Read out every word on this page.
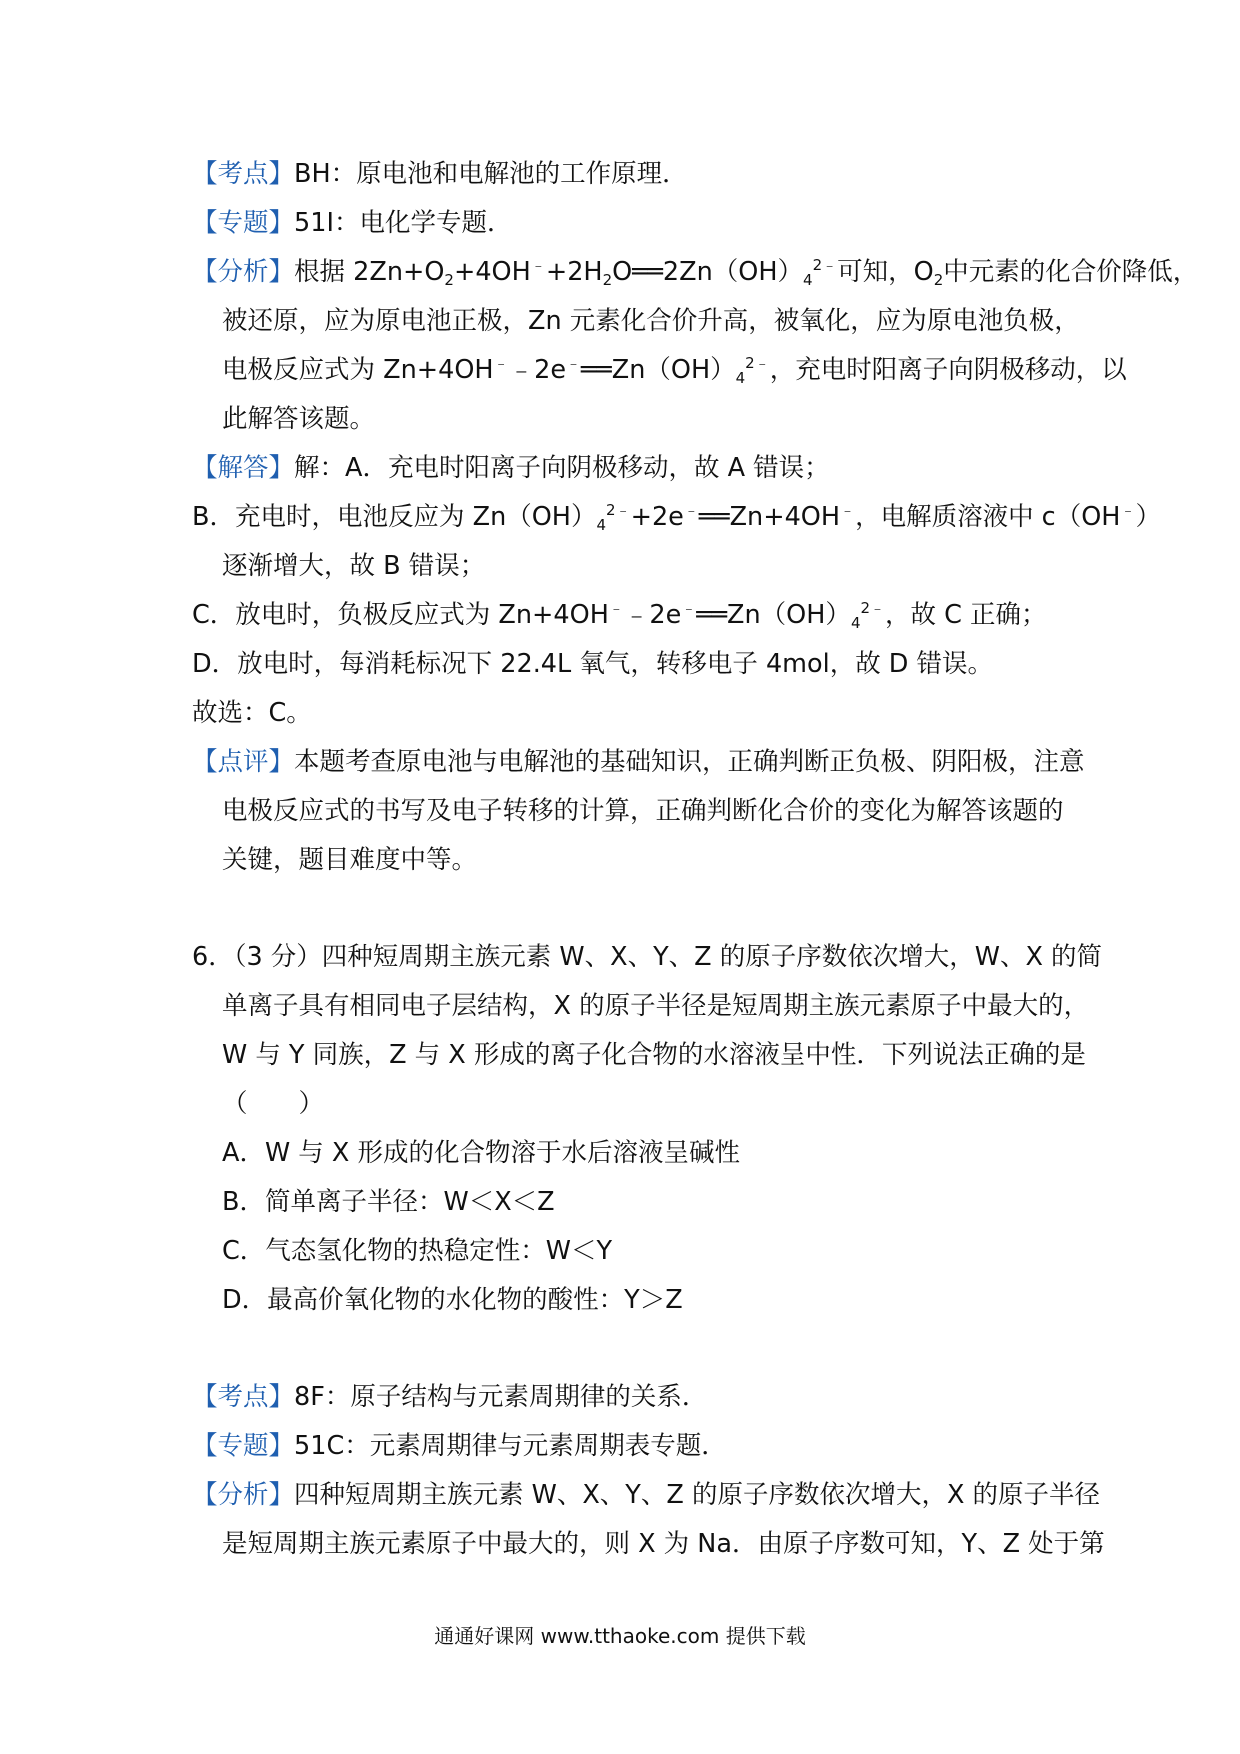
【考点】BH：原电池和电解池的工作原理．
【专题】51I：电化学专题．
【分析】根据 $2Zn+O_2+4OH^﹣+2H_2O══2Zn(OH)_4^{2﹣}$可知，$O_2$中元素的化合价降低，
被还原，应为原电池正极，Zn 元素化合价升高，被氧化，应为原电池负极，
电极反应式为 $Zn+4OH^﹣﹣2e^﹣══Zn(OH)_4^{2﹣}$，充电时阳离子向阴极移动，以
此解答该题。
【解答】解：A．充电时阳离子向阴极移动，故 A 错误；
B．充电时，电池反应为 $Zn(OH)_4^{2﹣}+2e^﹣══Zn+4OH^﹣$，电解质溶液中 c（OH﹣）
逐渐增大，故 B 错误；
C．放电时，负极反应式为 $Zn+4OH^﹣﹣2e^﹣══Zn(OH)_4^{2﹣}$，故 C 正确；
D．放电时，每消耗标况下 22.4L 氧气，转移电子 4mol，故 D 错误。
故选：C。
【点评】本题考查原电池与电解池的基础知识，正确判断正负极、阴阳极，注意
电极反应式的书写及电子转移的计算，正确判断化合价的变化为解答该题的
关键，题目难度中等。
6．（3 分）四种短周期主族元素 W、X、Y、Z 的原子序数依次增大，W、X 的简
单离子具有相同电子层结构，X 的原子半径是短周期主族元素原子中最大的，
W 与 Y 同族，Z 与 X 形成的离子化合物的水溶液呈中性．下列说法正确的是
（　　）
A．W 与 X 形成的化合物溶于水后溶液呈碱性
B．简单离子半径：W＜X＜Z
C．气态氢化物的热稳定性：W＜Y
D．最高价氧化物的水化物的酸性：Y＞Z
【考点】8F：原子结构与元素周期律的关系．
【专题】51C：元素周期律与元素周期表专题．
【分析】四种短周期主族元素 W、X、Y、Z 的原子序数依次增大，X 的原子半径
是短周期主族元素原子中最大的，则 X 为 Na．由原子序数可知，Y、Z 处于第
通通好课网 www.tthaoke.com 提供下载
